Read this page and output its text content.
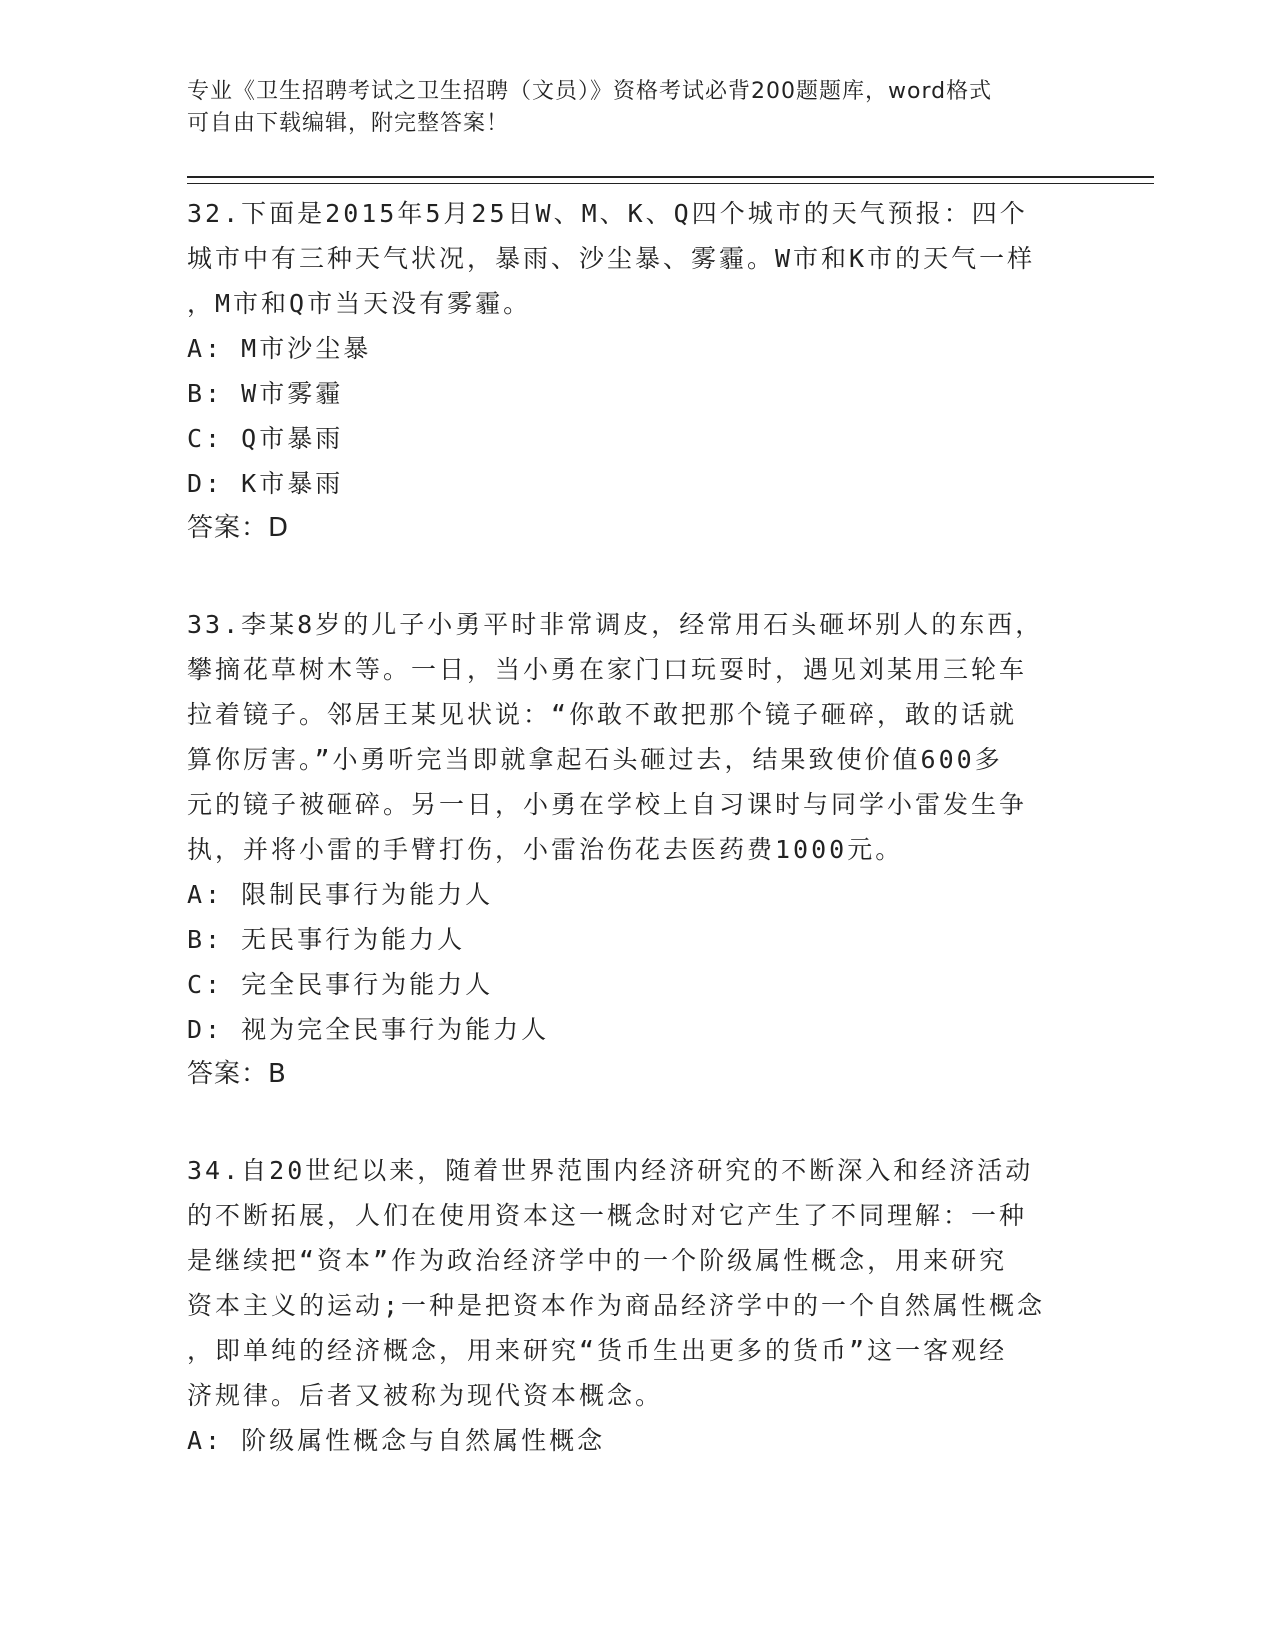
专业《卫生招聘考试之卫生招聘（文员）》资格考试必背200题题库，word格式
可自由下载编辑，附完整答案！
32.下面是2015年5月25日W、M、K、Q四个城市的天气预报：四个
城市中有三种天气状况，暴雨、沙尘暴、雾霾。W市和K市的天气一样
，M市和Q市当天没有雾霾。
A: M市沙尘暴
B: W市雾霾
C: Q市暴雨
D: K市暴雨
答案：D
33.李某8岁的儿子小勇平时非常调皮，经常用石头砸坏别人的东西，
攀摘花草树木等。一日，当小勇在家门口玩耍时，遇见刘某用三轮车
拉着镜子。邻居王某见状说：“你敢不敢把那个镜子砸碎，敢的话就
算你厉害。”小勇听完当即就拿起石头砸过去，结果致使价值600多
元的镜子被砸碎。另一日，小勇在学校上自习课时与同学小雷发生争
执，并将小雷的手臂打伤，小雷治伤花去医药费1000元。
A: 限制民事行为能力人
B: 无民事行为能力人
C: 完全民事行为能力人
D: 视为完全民事行为能力人
答案：B
34.自20世纪以来，随着世界范围内经济研究的不断深入和经济活动
的不断拓展，人们在使用资本这一概念时对它产生了不同理解：一种
是继续把“资本”作为政治经济学中的一个阶级属性概念，用来研究
资本主义的运动;一种是把资本作为商品经济学中的一个自然属性概念
，即单纯的经济概念，用来研究“货币生出更多的货币”这一客观经
济规律。后者又被称为现代资本概念。
A: 阶级属性概念与自然属性概念
